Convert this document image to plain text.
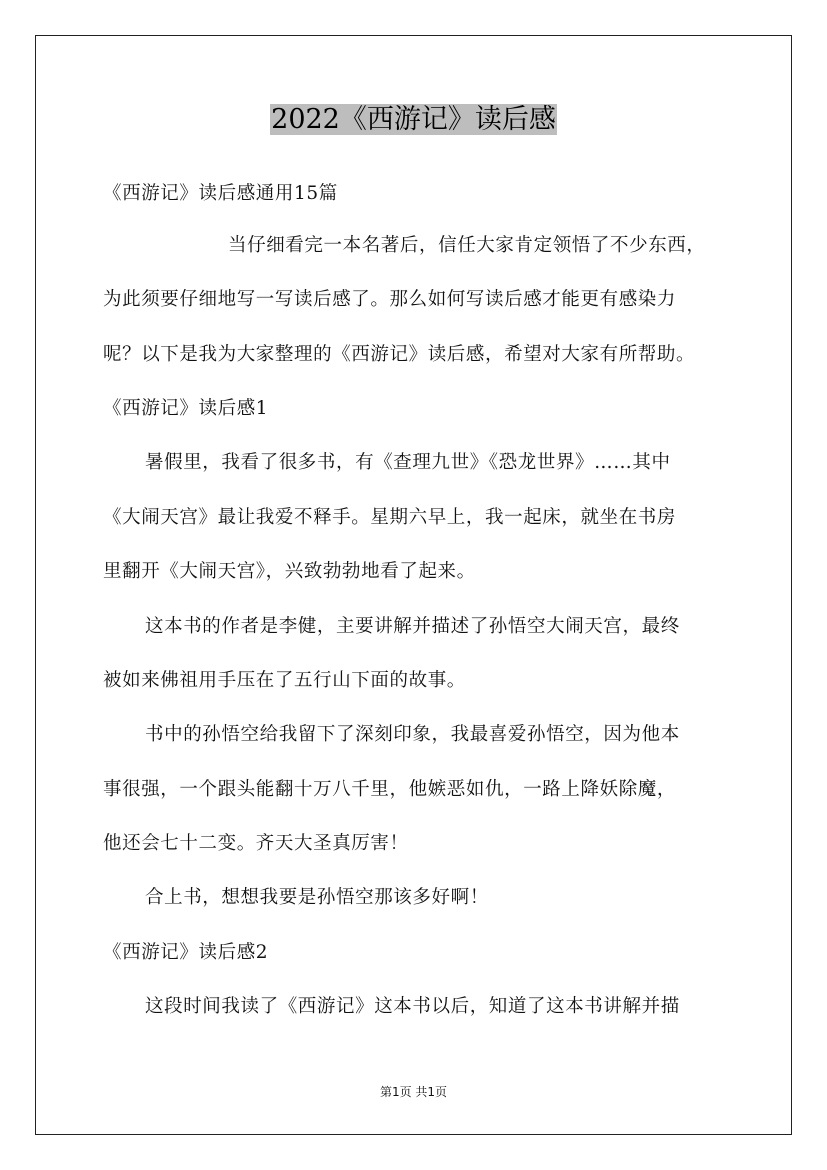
2022《西游记》读后感
《西游记》读后感通用15篇
当仔细看完一本名著后，信任大家肯定领悟了不少东西，
为此须要仔细地写一写读后感了。那么如何写读后感才能更有感染力
呢？以下是我为大家整理的《西游记》读后感，希望对大家有所帮助。
《西游记》读后感1
暑假里，我看了很多书，有《查理九世》《恐龙世界》……其中
《大闹天宫》最让我爱不释手。星期六早上，我一起床，就坐在书房
里翻开《大闹天宫》，兴致勃勃地看了起来。
这本书的作者是李健，主要讲解并描述了孙悟空大闹天宫，最终
被如来佛祖用手压在了五行山下面的故事。
书中的孙悟空给我留下了深刻印象，我最喜爱孙悟空，因为他本
事很强，一个跟头能翻十万八千里，他嫉恶如仇，一路上降妖除魔，
他还会七十二变。齐天大圣真厉害！
合上书，想想我要是孙悟空那该多好啊！
《西游记》读后感2
这段时间我读了《西游记》这本书以后，知道了这本书讲解并描
第1页 共1页
